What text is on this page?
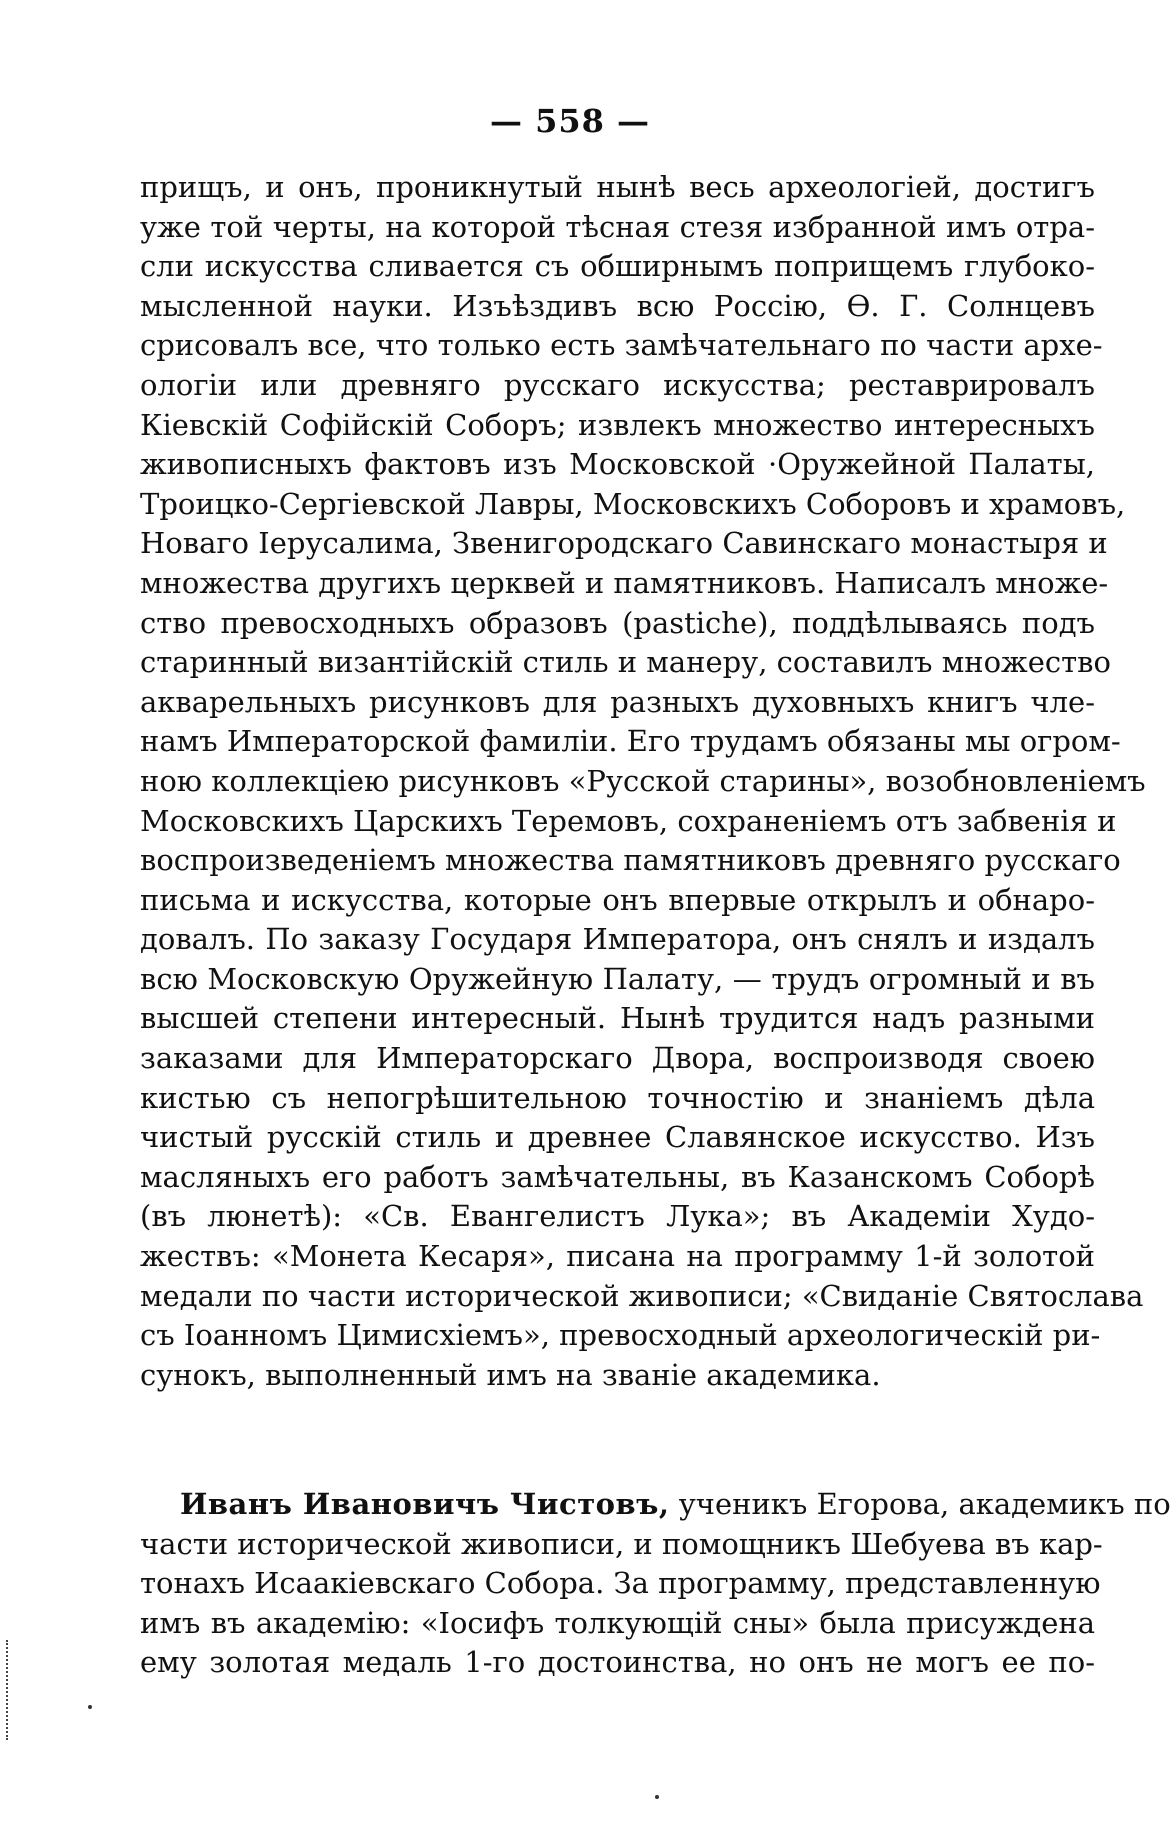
— 558 —
прищъ, и онъ, проникнутый нынѣ весь археологіей, достигъ
уже той черты, на которой тѣсная стезя избранной имъ отра-
сли искусства сливается съ обширнымъ поприщемъ глубоко-
мысленной науки. Изъѣздивъ всю Россію, Ѳ. Г. Солнцевъ
срисовалъ все, что только есть замѣчательнаго по части архе-
ологіи или древняго русскаго искусства; реставрировалъ
Кіевскій Софійскій Соборъ; извлекъ множество интересныхъ
живописныхъ фактовъ изъ Московской ·Оружейной Палаты,
Троицко-Сергіевской Лавры, Московскихъ Соборовъ и храмовъ,
Новаго Іерусалима, Звенигородскаго Савинскаго монастыря и
множества другихъ церквей и памятниковъ. Написалъ множе-
ство превосходныхъ образовъ (pastiche), поддѣлываясь подъ
старинный византійскій стиль и манеру, составилъ множество
акварельныхъ рисунковъ для разныхъ духовныхъ книгъ чле-
намъ Императорской фамиліи. Его трудамъ обязаны мы огром-
ною коллекціею рисунковъ «Русской старины», возобновленіемъ
Московскихъ Царскихъ Теремовъ, сохраненіемъ отъ забвенія и
воспроизведеніемъ множества памятниковъ древняго русскаго
письма и искусства, которые онъ впервые открылъ и обнаро-
довалъ. По заказу Государя Императора, онъ снялъ и издалъ
всю Московскую Оружейную Палату, — трудъ огромный и въ
высшей степени интересный. Нынѣ трудится надъ разными
заказами для Императорскаго Двора, воспроизводя своею
кистью съ непогрѣшительною точностію и знаніемъ дѣла
чистый русскій стиль и древнее Славянское искусство. Изъ
масляныхъ его работъ замѣчательны, въ Казанскомъ Соборѣ
(въ люнетѣ): «Св. Евангелистъ Лука»; въ Академіи Худо-
жествъ: «Монета Кесаря», писана на программу 1-й золотой
медали по части исторической живописи; «Свиданіе Святослава
съ Іоанномъ Цимисхіемъ», превосходный археологическій ри-
сунокъ, выполненный имъ на званіе академика.
Иванъ Ивановичъ Чистовъ, ученикъ Егорова, академикъ по
части исторической живописи, и помощникъ Шебуева въ кар-
тонахъ Исаакіевскаго Собора. За программу, представленную
имъ въ академію: «Іосифъ толкующій сны» была присуждена
ему золотая медаль 1-го достоинства, но онъ не могъ ее по-
